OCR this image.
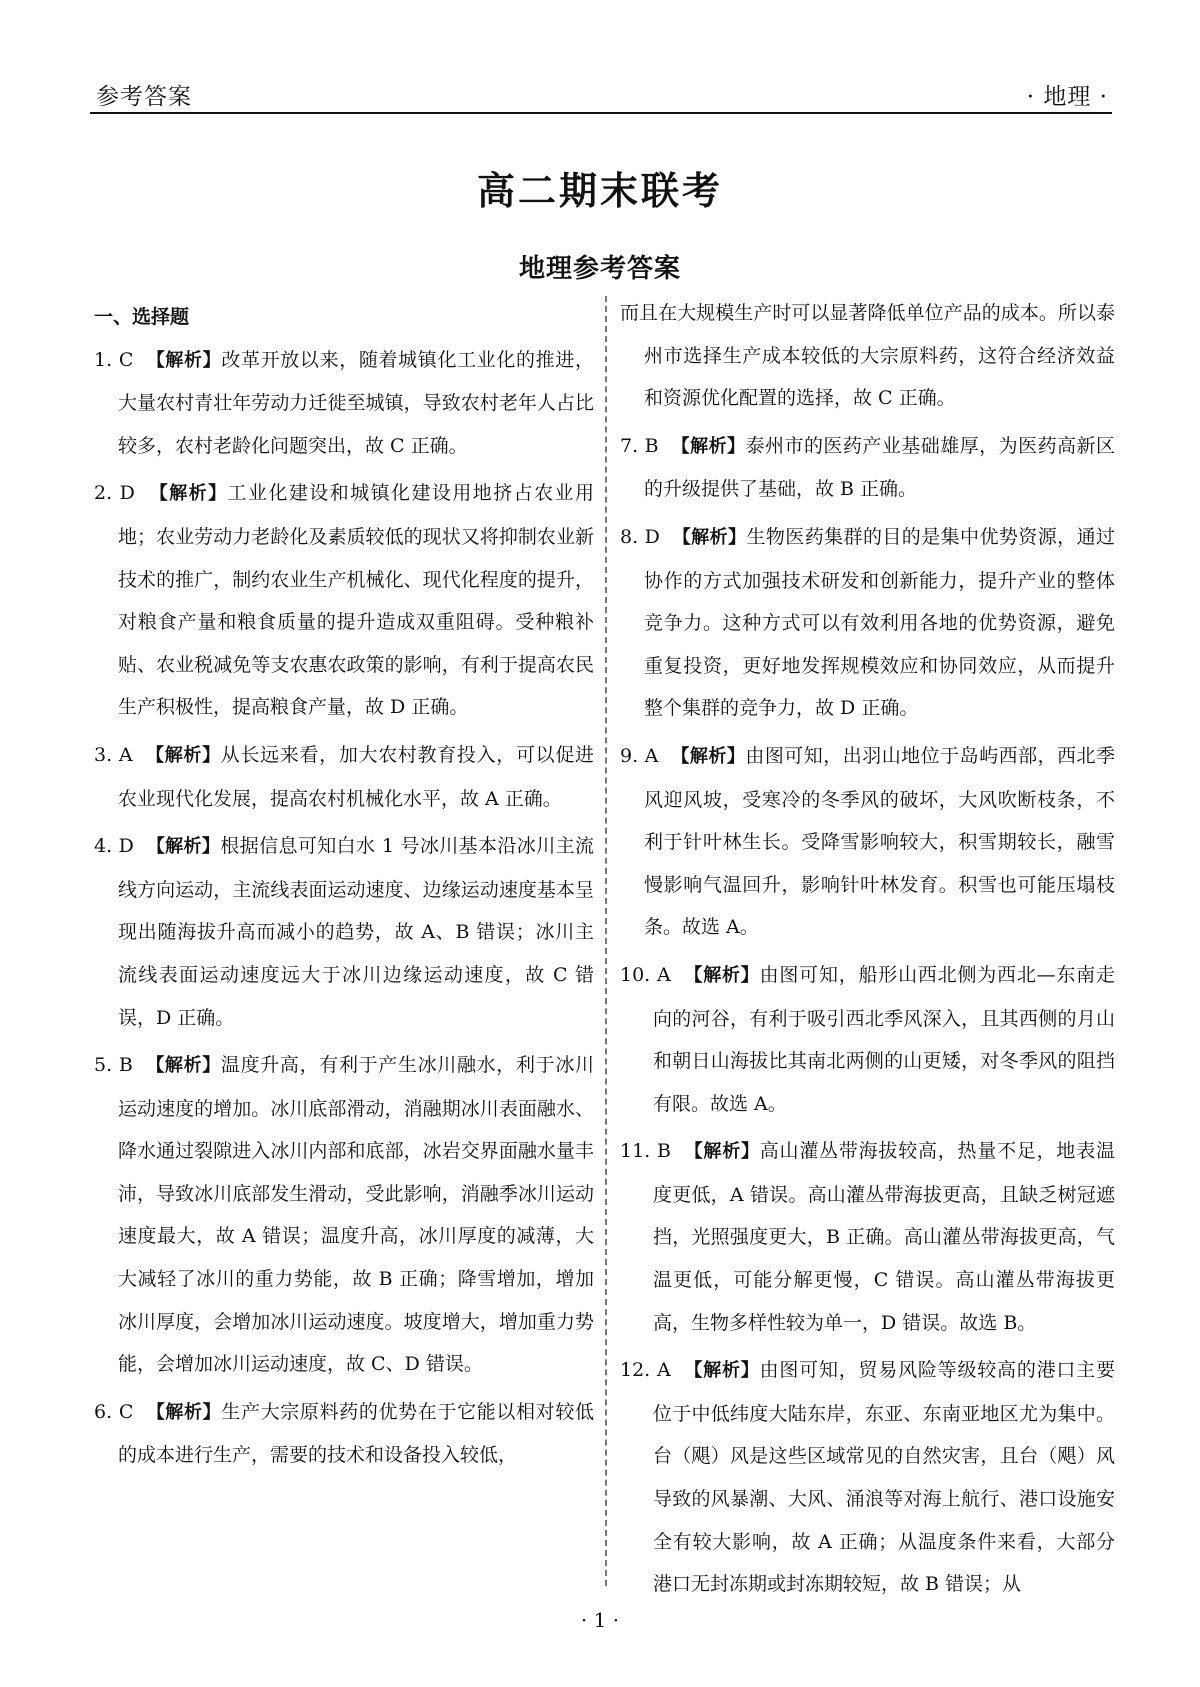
参考答案	· 地理 ·
高二期末联考
地理参考答案
一、选择题
1. C 【解析】改革开放以来，随着城镇化工业化的推进，大量农村青壮年劳动力迁徙至城镇，导致农村老年人占比较多，农村老龄化问题突出，故 C 正确。
2. D 【解析】工业化建设和城镇化建设用地挤占农业用地；农业劳动力老龄化及素质较低的现状又将抑制农业新技术的推广，制约农业生产机械化、现代化程度的提升，对粮食产量和粮食质量的提升造成双重阻碍。受种粮补贴、农业税减免等支农惠农政策的影响，有利于提高农民生产积极性，提高粮食产量，故 D 正确。
3. A 【解析】从长远来看，加大农村教育投入，可以促进农业现代化发展，提高农村机械化水平，故 A 正确。
4. D 【解析】根据信息可知白水 1 号冰川基本沿冰川主流线方向运动，主流线表面运动速度、边缘运动速度基本呈现出随海拔升高而减小的趋势，故 A、B 错误；冰川主流线表面运动速度远大于冰川边缘运动速度，故 C 错误，D 正确。
5. B 【解析】温度升高，有利于产生冰川融水，利于冰川运动速度的增加。冰川底部滑动，消融期冰川表面融水、降水通过裂隙进入冰川内部和底部，冰岩交界面融水量丰沛，导致冰川底部发生滑动，受此影响，消融季冰川运动速度最大，故 A 错误；温度升高，冰川厚度的减薄，大大减轻了冰川的重力势能，故 B 正确；降雪增加，增加冰川厚度，会增加冰川运动速度。坡度增大，增加重力势能，会增加冰川运动速度，故 C、D 错误。
6. C 【解析】生产大宗原料药的优势在于它能以相对较低的成本进行生产，需要的技术和设备投入较低，
而且在大规模生产时可以显著降低单位产品的成本。所以泰州市选择生产成本较低的大宗原料药，这符合经济效益和资源优化配置的选择，故 C 正确。
7. B 【解析】泰州市的医药产业基础雄厚，为医药高新区的升级提供了基础，故 B 正确。
8. D 【解析】生物医药集群的目的是集中优势资源，通过协作的方式加强技术研发和创新能力，提升产业的整体竞争力。这种方式可以有效利用各地的优势资源，避免重复投资，更好地发挥规模效应和协同效应，从而提升整个集群的竞争力，故 D 正确。
9. A 【解析】由图可知，出羽山地位于岛屿西部，西北季风迎风坡，受寒冷的冬季风的破坏，大风吹断枝条，不利于针叶林生长。受降雪影响较大，积雪期较长，融雪慢影响气温回升，影响针叶林发育。积雪也可能压塌枝条。故选 A。
10. A 【解析】由图可知，船形山西北侧为西北—东南走向的河谷，有利于吸引西北季风深入，且其西侧的月山和朝日山海拔比其南北两侧的山更矮，对冬季风的阻挡有限。故选 A。
11. B 【解析】高山灌丛带海拔较高，热量不足，地表温度更低，A 错误。高山灌丛带海拔更高，且缺乏树冠遮挡，光照强度更大，B 正确。高山灌丛带海拔更高，气温更低，可能分解更慢，C 错误。高山灌丛带海拔更高，生物多样性较为单一，D 错误。故选 B。
12. A 【解析】由图可知，贸易风险等级较高的港口主要位于中低纬度大陆东岸，东亚、东南亚地区尤为集中。台（飓）风是这些区域常见的自然灾害，且台（飓）风导致的风暴潮、大风、涌浪等对海上航行、港口设施安全有较大影响，故 A 正确；从温度条件来看，大部分港口无封冻期或封冻期较短，故 B 错误；从
· 1 ·
